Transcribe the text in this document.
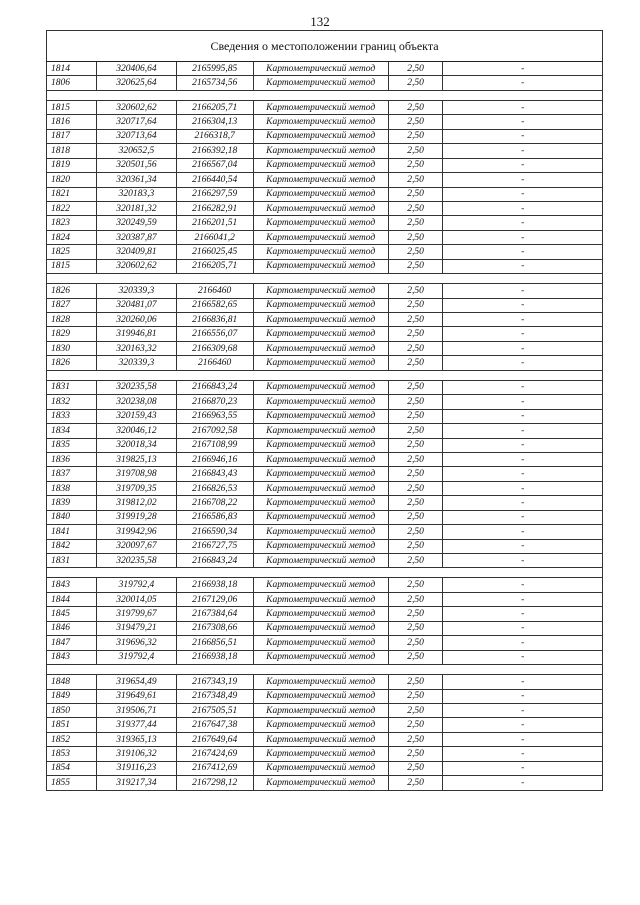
132
Сведения о местоположении границ объекта					
1814	320406,64	2165995,85	Картометрический метод	2,50	-
1806	320625,64	2165734,56	Картометрический метод	2,50	-

1815	320602,62	2166205,71	Картометрический метод	2,50	-
1816	320717,64	2166304,13	Картометрический метод	2,50	-
1817	320713,64	2166318,7	Картометрический метод	2,50	-
1818	320652,5	2166392,18	Картометрический метод	2,50	-
1819	320501,56	2166567,04	Картометрический метод	2,50	-
1820	320361,34	2166440,54	Картометрический метод	2,50	-
1821	320183,3	2166297,59	Картометрический метод	2,50	-
1822	320181,32	2166282,91	Картометрический метод	2,50	-
1823	320249,59	2166201,51	Картометрический метод	2,50	-
1824	320387,87	2166041,2	Картометрический метод	2,50	-
1825	320409,81	2166025,45	Картометрический метод	2,50	-
1815	320602,62	2166205,71	Картометрический метод	2,50	-

1826	320339,3	2166460	Картометрический метод	2,50	-
1827	320481,07	2166582,65	Картометрический метод	2,50	-
1828	320260,06	2166836,81	Картометрический метод	2,50	-
1829	319946,81	2166556,07	Картометрический метод	2,50	-
1830	320163,32	2166309,68	Картометрический метод	2,50	-
1826	320339,3	2166460	Картометрический метод	2,50	-

1831	320235,58	2166843,24	Картометрический метод	2,50	-
1832	320238,08	2166870,23	Картометрический метод	2,50	-
1833	320159,43	2166963,55	Картометрический метод	2,50	-
1834	320046,12	2167092,58	Картометрический метод	2,50	-
1835	320018,34	2167108,99	Картометрический метод	2,50	-
1836	319825,13	2166946,16	Картометрический метод	2,50	-
1837	319708,98	2166843,43	Картометрический метод	2,50	-
1838	319709,35	2166826,53	Картометрический метод	2,50	-
1839	319812,02	2166708,22	Картометрический метод	2,50	-
1840	319919,28	2166586,83	Картометрический метод	2,50	-
1841	319942,96	2166590,34	Картометрический метод	2,50	-
1842	320097,67	2166727,75	Картометрический метод	2,50	-
1831	320235,58	2166843,24	Картометрический метод	2,50	-

1843	319792,4	2166938,18	Картометрический метод	2,50	-
1844	320014,05	2167129,06	Картометрический метод	2,50	-
1845	319799,67	2167384,64	Картометрический метод	2,50	-
1846	319479,21	2167308,66	Картометрический метод	2,50	-
1847	319696,32	2166856,51	Картометрический метод	2,50	-
1843	319792,4	2166938,18	Картометрический метод	2,50	-

1848	319654,49	2167343,19	Картометрический метод	2,50	-
1849	319649,61	2167348,49	Картометрический метод	2,50	-
1850	319506,71	2167505,51	Картометрический метод	2,50	-
1851	319377,44	2167647,38	Картометрический метод	2,50	-
1852	319365,13	2167649,64	Картометрический метод	2,50	-
1853	319106,32	2167424,69	Картометрический метод	2,50	-
1854	319116,23	2167412,69	Картометрический метод	2,50	-
1855	319217,34	2167298,12	Картометрический метод	2,50	-
